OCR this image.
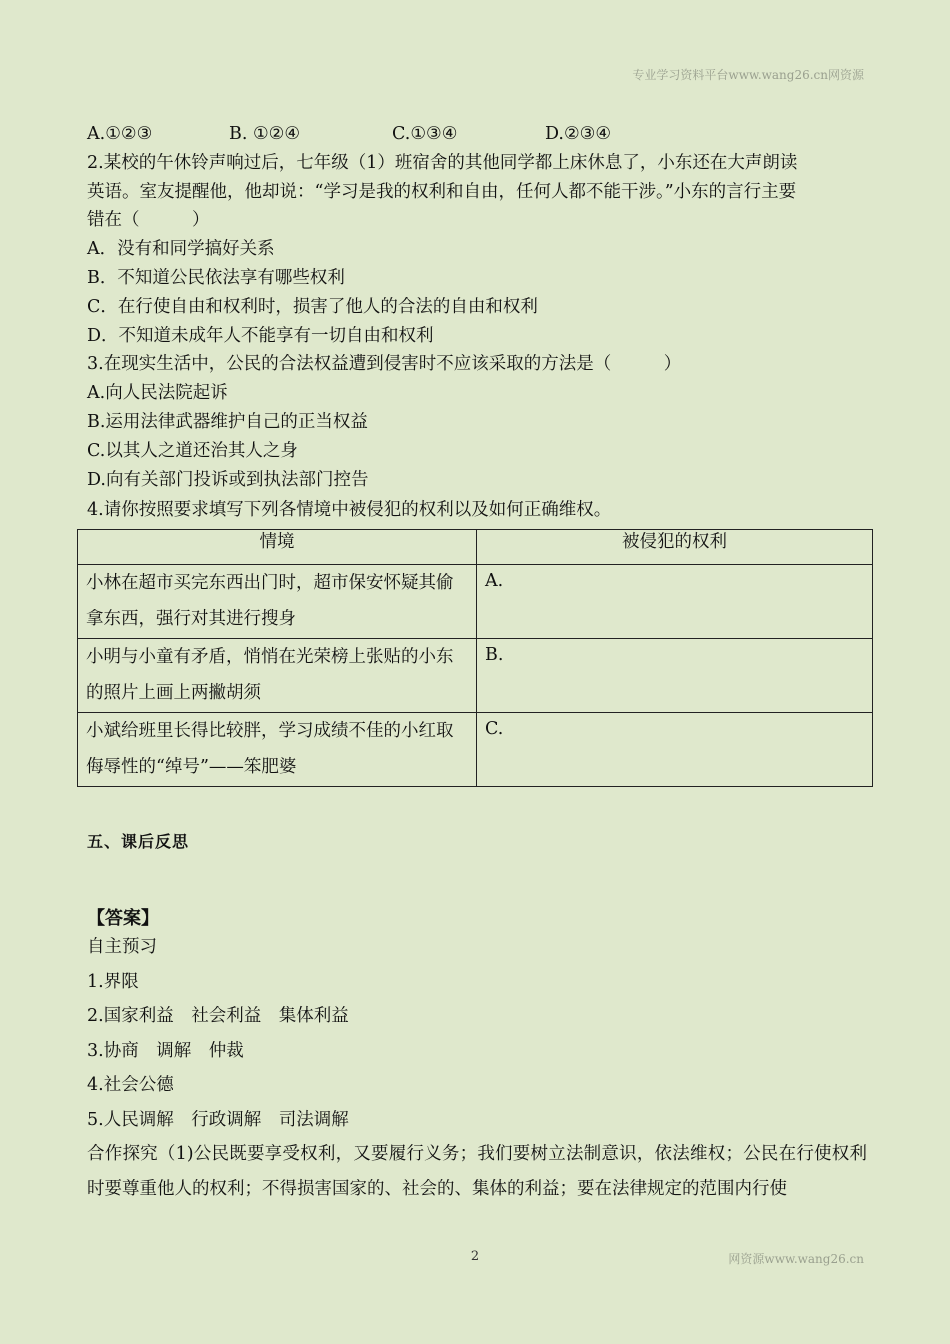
专业学习资料平台www.wang26.cn网资源
A.①②③	B. ①②④	C.①③④	D.②③④
2.某校的午休铃声响过后，七年级（1）班宿舍的其他同学都上床休息了，小东还在大声朗读
英语。室友提醒他，他却说：“学习是我的权利和自由，任何人都不能干涉。”小东的言行主要
错在（　　　）
A．没有和同学搞好关系
B．不知道公民依法享有哪些权利
C．在行使自由和权利时，损害了他人的合法的自由和权利
D．不知道未成年人不能享有一切自由和权利
3.在现实生活中，公民的合法权益遭到侵害时不应该采取的方法是（　　　）
A.向人民法院起诉
B.运用法律武器维护自己的正当权益
C.以其人之道还治其人之身
D.向有关部门投诉或到执法部门控告
4.请你按照要求填写下列各情境中被侵犯的权利以及如何正确维权。
情境	被侵犯的权利
小林在超市买完东西出门时，超市保安怀疑其偷拿东西，强行对其进行搜身	A.
小明与小童有矛盾，悄悄在光荣榜上张贴的小东的照片上画上两撇胡须	B.
小斌给班里长得比较胖，学习成绩不佳的小红取侮辱性的“绰号”——笨肥婆	C.
五、课后反思
【答案】
自主预习
1.界限
2.国家利益　社会利益　集体利益
3.协商　调解　仲裁
4.社会公德
5.人民调解　行政调解　司法调解
合作探究（1)公民既要享受权利，又要履行义务；我们要树立法制意识，依法维权；公民在行使权利时要尊重他人的权利；不得损害国家的、社会的、集体的利益；要在法律规定的范围内行使
2	网资源www.wang26.cn
